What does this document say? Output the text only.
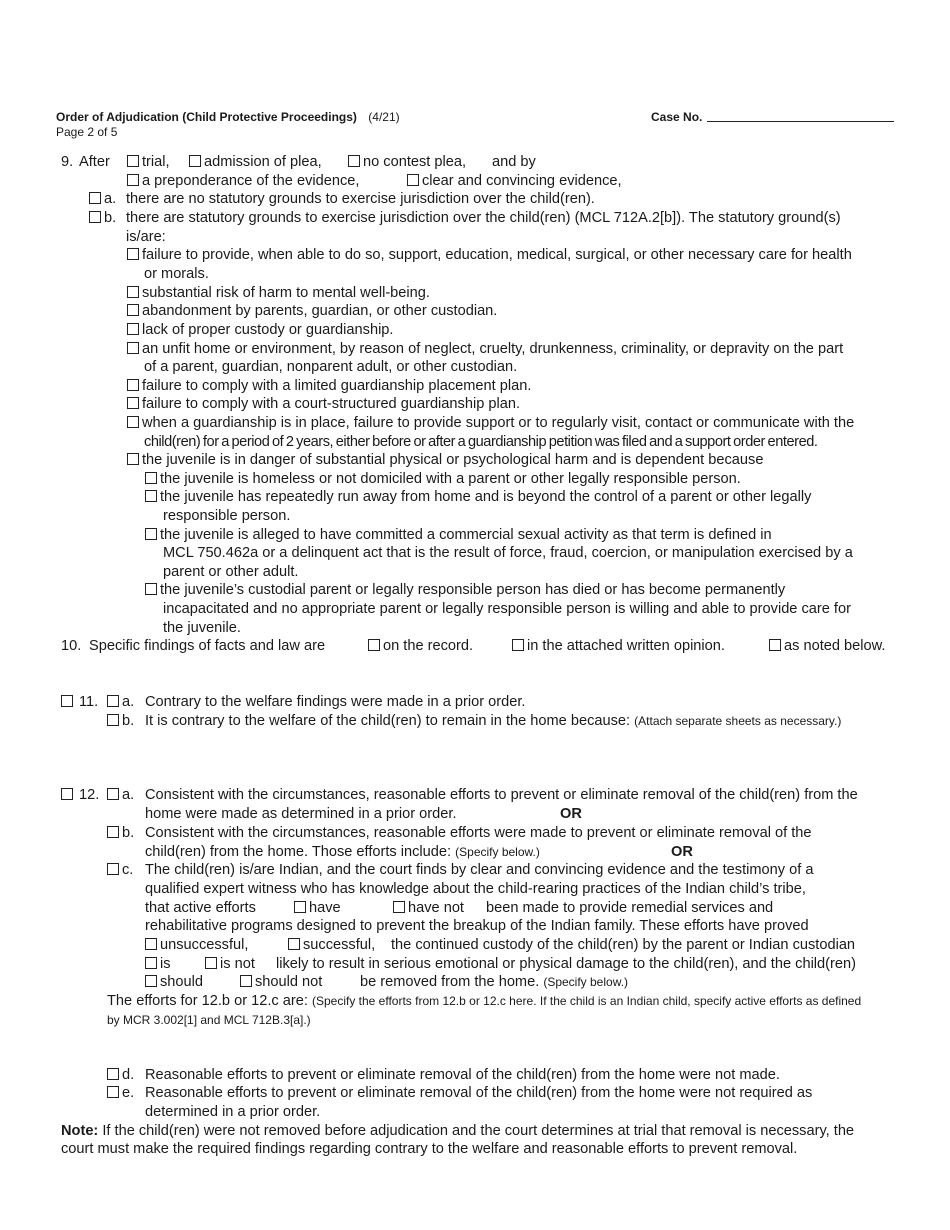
Order of Adjudication (Child Protective Proceedings) (4/21)
Page 2 of 5
Case No.
9. After	trial,	admission of plea,	no contest plea, and by
a preponderance of the evidence,	clear and convincing evidence,
a. there are no statutory grounds to exercise jurisdiction over the child(ren).
b. there are statutory grounds to exercise jurisdiction over the child(ren) (MCL 712A.2[b]). The statutory ground(s)
is/are:
failure to provide, when able to do so, support, education, medical, surgical, or other necessary care for health
or morals.
substantial risk of harm to mental well-being.
abandonment by parents, guardian, or other custodian.
lack of proper custody or guardianship.
an unfit home or environment, by reason of neglect, cruelty, drunkenness, criminality, or depravity on the part
of a parent, guardian, nonparent adult, or other custodian.
failure to comply with a limited guardianship placement plan.
failure to comply with a court-structured guardianship plan.
when a guardianship is in place, failure to provide support or to regularly visit, contact or communicate with the
child(ren) for a period of 2 years, either before or after a guardianship petition was filed and a support order entered.
the juvenile is in danger of substantial physical or psychological harm and is dependent because
the juvenile is homeless or not domiciled with a parent or other legally responsible person.
the juvenile has repeatedly run away from home and is beyond the control of a parent or other legally
responsible person.
the juvenile is alleged to have committed a commercial sexual activity as that term is defined in
MCL 750.462a or a delinquent act that is the result of force, fraud, coercion, or manipulation exercised by a
parent or other adult.
the juvenile’s custodial parent or legally responsible person has died or has become permanently
incapacitated and no appropriate parent or legally responsible person is willing and able to provide care for
the juvenile.
10. Specific findings of facts and law are	on the record.	in the attached written opinion.	as noted below.
11.	a. Contrary to the welfare findings were made in a prior order.
b. It is contrary to the welfare of the child(ren) to remain in the home because: (Attach separate sheets as necessary.)
12.	a. Consistent with the circumstances, reasonable efforts to prevent or eliminate removal of the child(ren) from the
home were made as determined in a prior order.	OR
b. Consistent with the circumstances, reasonable efforts were made to prevent or eliminate removal of the
child(ren) from the home. Those efforts include: (Specify below.)	OR
c. The child(ren) is/are Indian, and the court finds by clear and convincing evidence and the testimony of a
qualified expert witness who has knowledge about the child-rearing practices of the Indian child’s tribe,
that active efforts	have	have not been made to provide remedial services and
rehabilitative programs designed to prevent the breakup of the Indian family. These efforts have proved
unsuccessful,	successful, the continued custody of the child(ren) by the parent or Indian custodian
is	is not likely to result in serious emotional or physical damage to the child(ren), and the child(ren)
should	should not	be removed from the home. (Specify below.)
The efforts for 12.b or 12.c are: (Specify the efforts from 12.b or 12.c here. If the child is an Indian child, specify active efforts as defined
by MCR 3.002[1] and MCL 712B.3[a].)
d. Reasonable efforts to prevent or eliminate removal of the child(ren) from the home were not made.
e. Reasonable efforts to prevent or eliminate removal of the child(ren) from the home were not required as
determined in a prior order.
Note: If the child(ren) were not removed before adjudication and the court determines at trial that removal is necessary, the
court must make the required findings regarding contrary to the welfare and reasonable efforts to prevent removal.
